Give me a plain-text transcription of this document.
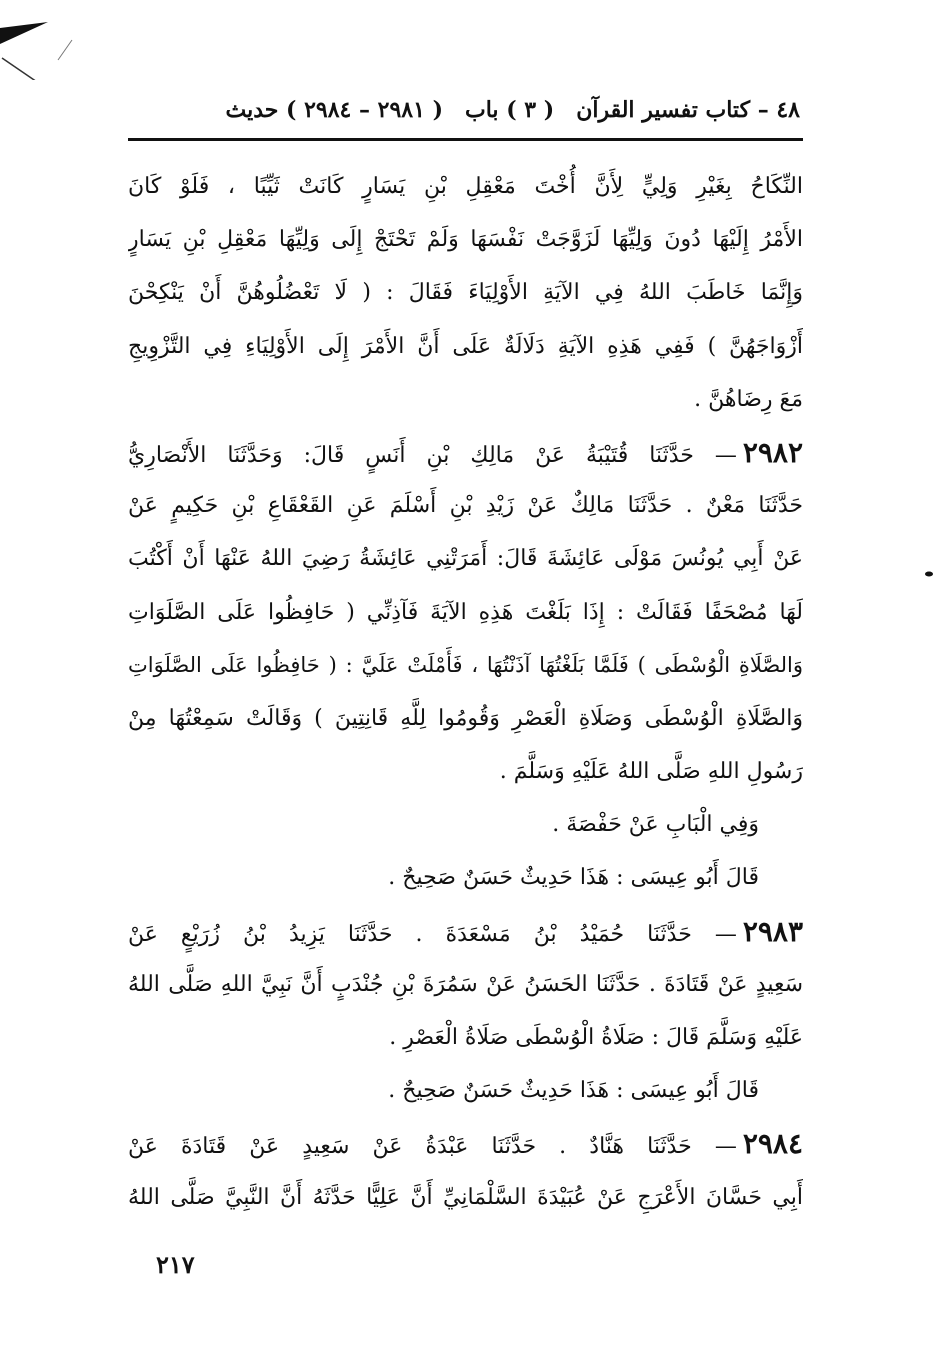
٤٨ – كتاب تفسير القرآن
( ٣ ) باب
( ٢٩٨١ – ٢٩٨٤ ) حديث
النِّكَاحُ بِغَيْرِ وَلِيٍّ لِأَنَّ أُخْتَ مَعْقِلِ بْنِ يَسَارٍ كَانَتْ ثَيِّبًا ، فَلَوْ كَانَ
الأَمْرُ إِلَيْهَا دُونَ وَلِيِّهَا لَزَوَّجَتْ نَفْسَهَا وَلَمْ تَحْتَجْ إِلَى وَلِيِّهَا مَعْقِلِ بْنِ يَسَارٍ
وَإِنَّمَا خَاطَبَ اللهُ فِي الآيَةِ الأَوْلِيَاءَ فَقَالَ : ( لَا تَعْضُلُوهُنَّ أَنْ يَنْكِحْنَ
أَزْوَاجَهُنَّ ) فَفِي هَذِهِ الآيَةِ دَلَالَةٌ عَلَى أَنَّ الأَمْرَ إِلَى الأَوْلِيَاءِ فِي التَّزْوِيجِ
مَعَ رِضَاهُنَّ .
٢٩٨٢— حَدَّثَنَا قُتَيْبَةُ عَنْ مَالِكِ بْنِ أَنَسٍ قَالَ: وَحَدَّثَنَا الأَنْصَارِيُّ
حَدَّثَنَا مَعْنٌ . حَدَّثَنَا مَالِكٌ عَنْ زَيْدِ بْنِ أَسْلَمَ عَنِ القَعْقَاعِ بْنِ حَكِيمٍ عَنْ
عَنْ أَبِي يُونُسَ مَوْلَى عَائِشَةَ قَالَ: أَمَرَتْنِي عَائِشَةُ رَضِيَ اللهُ عَنْهَا أَنْ أَكْتُبَ
لَهَا مُصْحَفًا فَقَالَتْ : إِذَا بَلَغْتَ هَذِهِ الآيَةَ فَآذِنِّي ( حَافِظُوا عَلَى الصَّلَوَاتِ
وَالصَّلَاةِ الْوُسْطَى ) فَلَمَّا بَلَغْتُهَا آذَنْتُهَا ، فَأَمْلَتْ عَلَيَّ : ( حَافِظُوا عَلَى الصَّلَوَاتِ
وَالصَّلَاةِ الْوُسْطَى وَصَلَاةِ الْعَصْرِ وَقُومُوا لِلَّهِ قَانِتِينَ ) وَقَالَتْ سَمِعْتُهَا مِنْ
رَسُولِ اللهِ صَلَّى اللهُ عَلَيْهِ وَسَلَّمَ .
وَفِي الْبَابِ عَنْ حَفْصَةَ .
قَالَ أَبُو عِيسَى : هَذَا حَدِيثٌ حَسَنٌ صَحِيحٌ .
٢٩٨٣— حَدَّثَنَا حُمَيْدُ بْنُ مَسْعَدَةَ . حَدَّثَنَا يَزِيدُ بْنُ زُرَيْعٍ عَنْ
سَعِيدٍ عَنْ قَتَادَةَ . حَدَّثَنَا الحَسَنُ عَنْ سَمُرَةَ بْنِ جُنْدَبٍ أَنَّ نَبِيَّ اللهِ صَلَّى اللهُ
عَلَيْهِ وَسَلَّمَ قَالَ : صَلَاةُ الْوُسْطَى صَلَاةُ الْعَصْرِ .
قَالَ أَبُو عِيسَى : هَذَا حَدِيثٌ حَسَنٌ صَحِيحٌ .
٢٩٨٤— حَدَّثَنَا هَنَّادٌ . حَدَّثَنَا عَبْدَةُ عَنْ سَعِيدٍ عَنْ قَتَادَةَ عَنْ
أَبِي حَسَّانَ الأَعْرَجِ عَنْ عُبَيْدَةَ السَّلْمَانِيِّ أَنَّ عَلِيًّا حَدَّثَهُ أَنَّ النَّبِيَّ صَلَّى اللهُ
٢١٧
